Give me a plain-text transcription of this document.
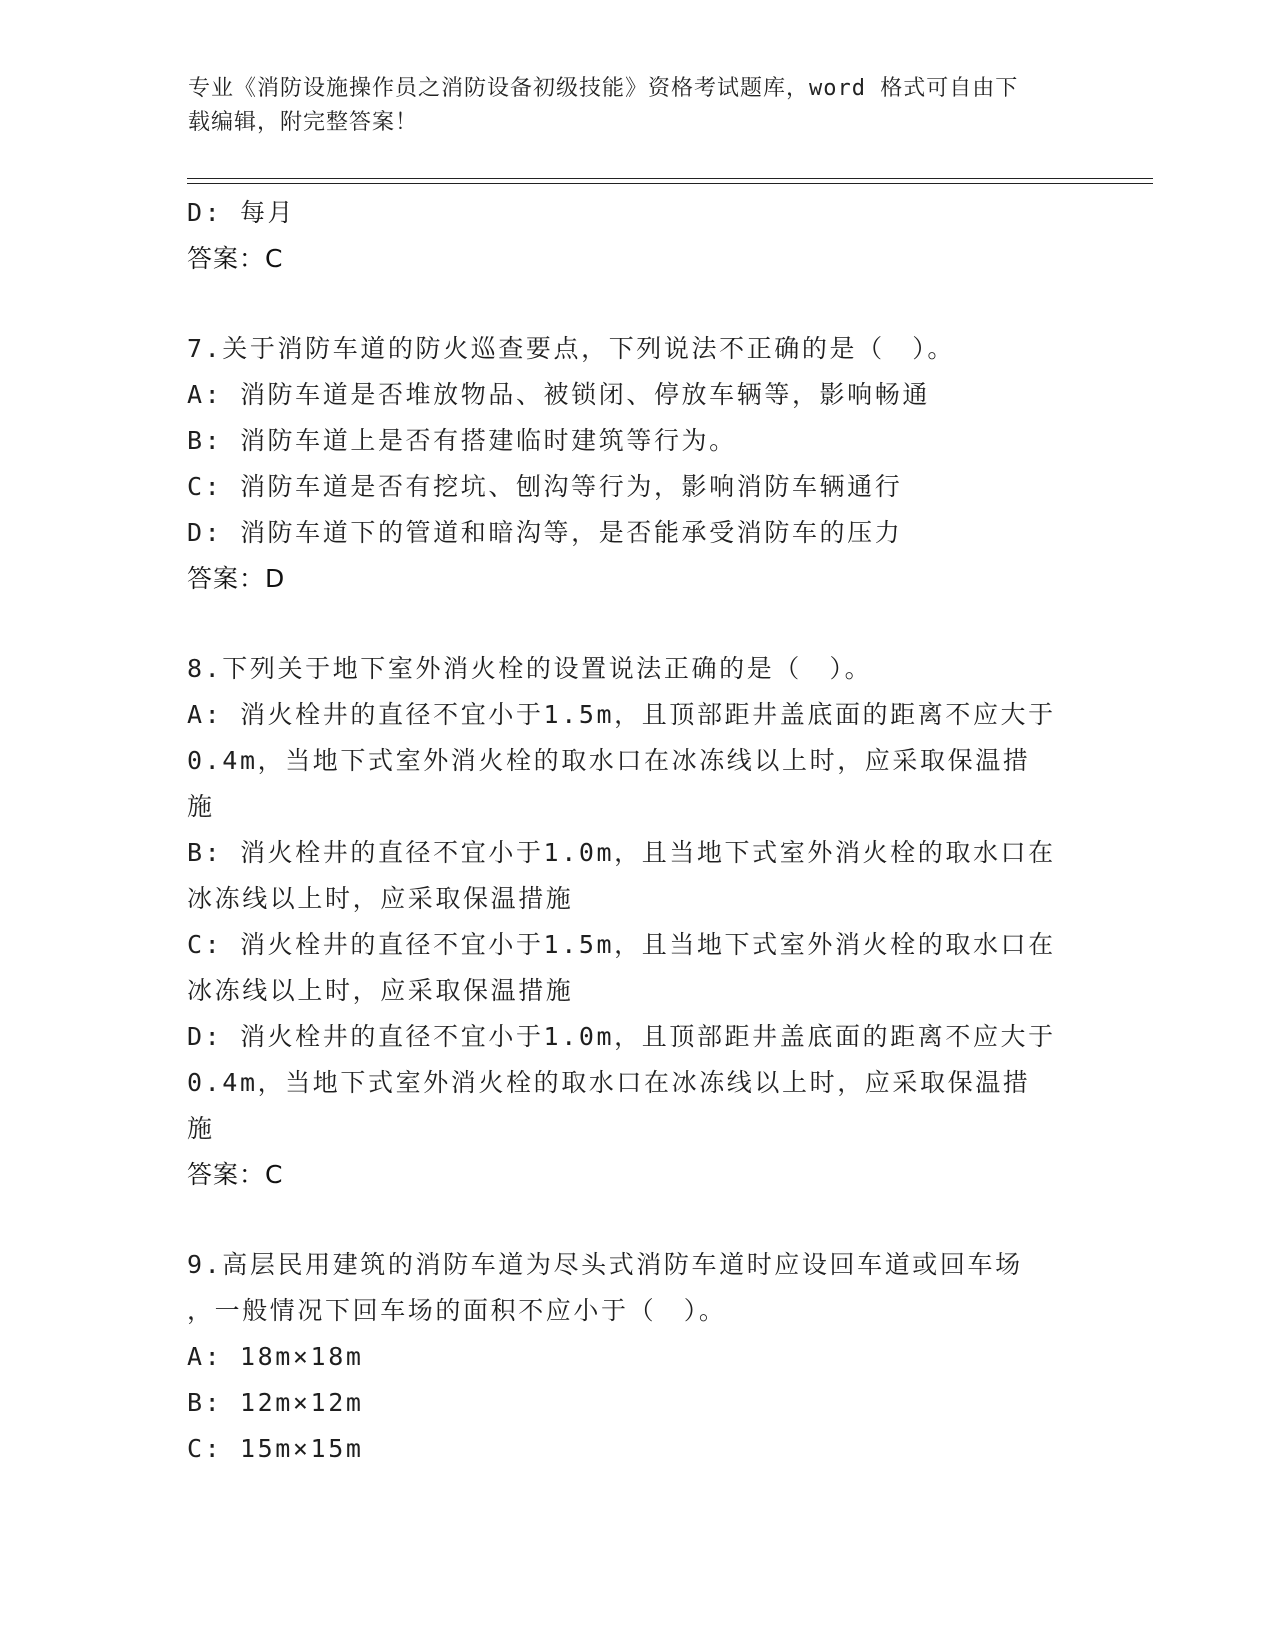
专业《消防设施操作员之消防设备初级技能》资格考试题库，word 格式可自由下
载编辑，附完整答案！
D: 每月
答案：C
7.关于消防车道的防火巡查要点，下列说法不正确的是（　）。
A: 消防车道是否堆放物品、被锁闭、停放车辆等，影响畅通
B: 消防车道上是否有搭建临时建筑等行为。
C: 消防车道是否有挖坑、刨沟等行为，影响消防车辆通行
D: 消防车道下的管道和暗沟等，是否能承受消防车的压力
答案：D
8.下列关于地下室外消火栓的设置说法正确的是（　）。
A: 消火栓井的直径不宜小于1.5m，且顶部距井盖底面的距离不应大于
0.4m，当地下式室外消火栓的取水口在冰冻线以上时，应采取保温措
施
B: 消火栓井的直径不宜小于1.0m，且当地下式室外消火栓的取水口在
冰冻线以上时，应采取保温措施
C: 消火栓井的直径不宜小于1.5m，且当地下式室外消火栓的取水口在
冰冻线以上时，应采取保温措施
D: 消火栓井的直径不宜小于1.0m，且顶部距井盖底面的距离不应大于
0.4m，当地下式室外消火栓的取水口在冰冻线以上时，应采取保温措
施
答案：C
9.高层民用建筑的消防车道为尽头式消防车道时应设回车道或回车场
，一般情况下回车场的面积不应小于（　）。
A: 18m×18m
B: 12m×12m
C: 15m×15m
